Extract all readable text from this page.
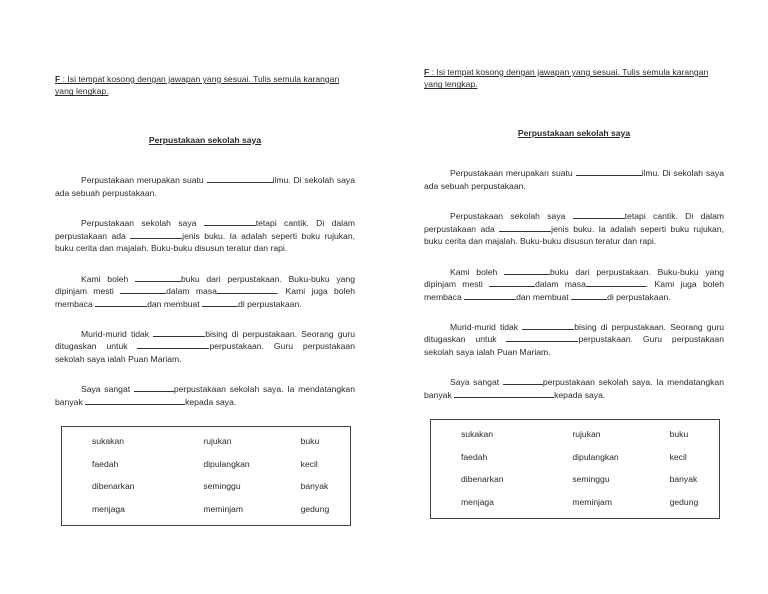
F : Isi tempat kosong dengan jawapan yang sesuai. Tulis semula karangan yang lengkap.

Perpustakaan sekolah saya

Perpustakaan merupakan suatu	ilmu. Di sekolah saya ada sebuah perpustakaan.

Perpustakaan sekolah saya	tetapi cantik. Di dalam perpustakaan ada	jenis buku. Ia adalah seperti buku rujukan, buku cerita dan majalah. Buku-buku disusun teratur dan rapi.

Kami boleh	buku dari perpustakaan. Buku-buku yang dipinjam mesti	dalam masa	. Kami juga boleh membaca	dan membuat	di perpustakaan.

Murid-murid tidak	bising di perpustakaan. Seorang guru ditugaskan untuk	perpustakaan. Guru perpustakaan sekolah saya ialah Puan Mariam.

Saya sangat	perpustakaan sekolah saya. Ia mendatangkan banyak	kepada saya.

sukakan	rujukan	buku
faedah	dipulangkan	kecil
dibenarkan	seminggu	banyak
menjaga	meminjam	gedung

F : Isi tempat kosong dengan jawapan yang sesuai. Tulis semula karangan yang lengkap.

Perpustakaan sekolah saya

Perpustakaan merupakan suatu	ilmu. Di sekolah saya ada sebuah perpustakaan.

Perpustakaan sekolah saya	tetapi cantik. Di dalam perpustakaan ada	jenis buku. Ia adalah seperti buku rujukan, buku cerita dan majalah. Buku-buku disusun teratur dan rapi.

Kami boleh	buku dari perpustakaan. Buku-buku yang dipinjam mesti	dalam masa	. Kami juga boleh membaca	dan membuat	di perpustakaan.

Murid-murid tidak	bising di perpustakaan. Seorang guru ditugaskan untuk	perpustakaan. Guru perpustakaan sekolah saya ialah Puan Mariam.

Saya sangat	perpustakaan sekolah saya. Ia mendatangkan banyak	kepada saya.

sukakan	rujukan	buku
faedah	dipulangkan	kecil
dibenarkan	seminggu	banyak
menjaga	meminjam	gedung
